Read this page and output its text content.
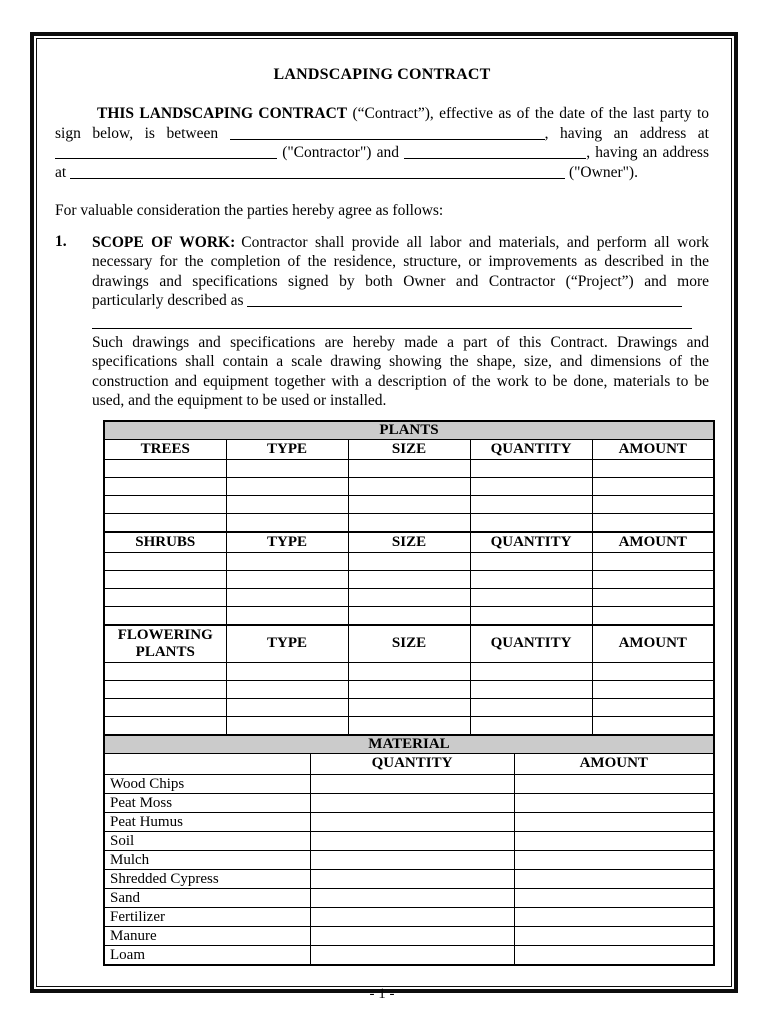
LANDSCAPING CONTRACT

THIS LANDSCAPING CONTRACT (“Contract”), effective as of the date of the last party to sign below, is between	, having an address at  ("Contractor") and	, having an address at	("Owner").

For valuable consideration the parties hereby agree as follows:

1. SCOPE OF WORK: Contractor shall provide all labor and materials, and perform all work necessary for the completion of the residence, structure, or improvements as described in the drawings and specifications signed by both Owner and Contractor (“Project”) and more particularly described as

Such drawings and specifications are hereby made a part of this Contract. Drawings and specifications shall contain a scale drawing showing the shape, size, and dimensions of the construction and equipment together with a description of the work to be done, materials to be used, and the equipment to be used or installed.

PLANTS				
TREES	TYPE	SIZE	QUANTITY	AMOUNT

SHRUBS	TYPE	SIZE	QUANTITY	AMOUNT

FLOWERING PLANTS	TYPE	SIZE	QUANTITY	AMOUNT

MATERIAL		
	QUANTITY	AMOUNT
Wood Chips		
Peat Moss		
Peat Humus		
Soil		
Mulch		
Shredded Cypress		
Sand		
Fertilizer		
Manure		
Loam		
- 1 -
